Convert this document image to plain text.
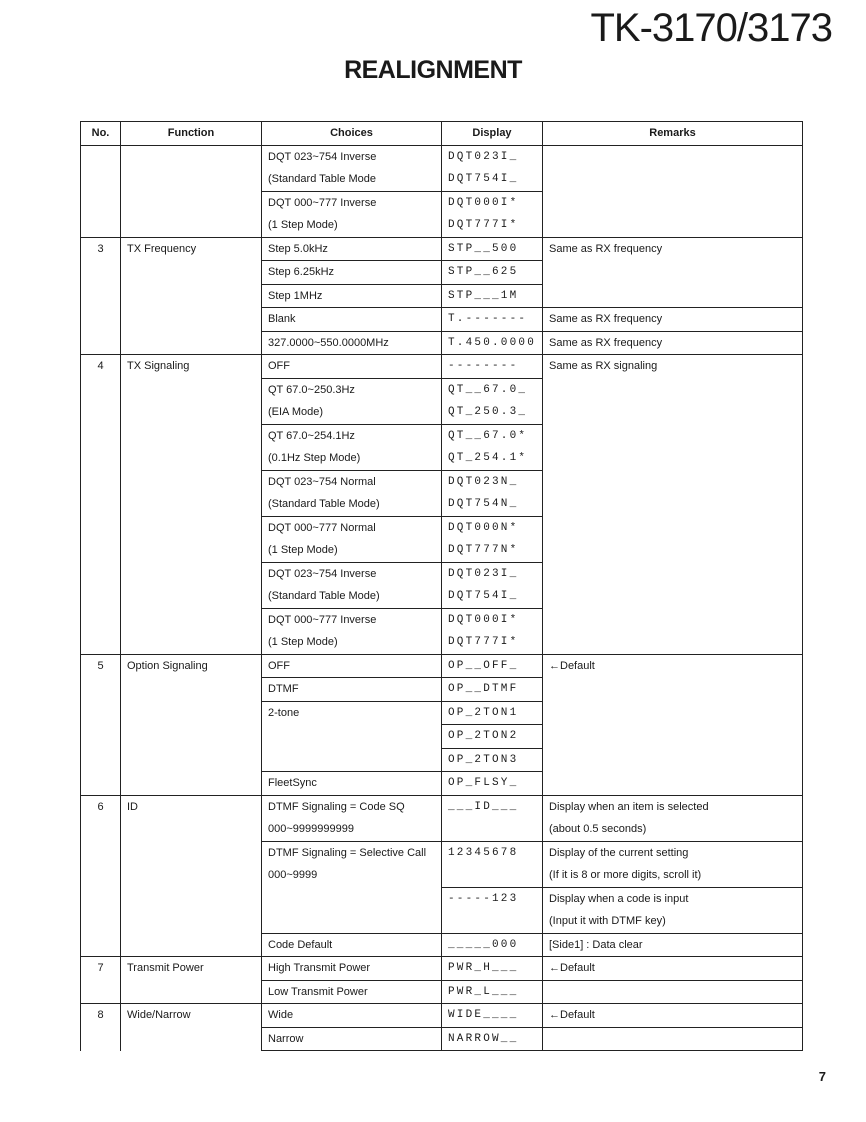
TK-3170/3173
REALIGNMENT
No.	Function	Choices	Display	Remarks
		DQT 023~754 Inverse	DQT023I_	
		(Standard Table Mode	DQT754I_	
		DQT 000~777 Inverse	DQT000I*	
		(1 Step Mode)	DQT777I*	
3	TX Frequency	Step 5.0kHz	STP__500	Same as RX frequency
		Step 6.25kHz	STP__625	
		Step 1MHz	STP___1M	
		Blank	T.-------	Same as RX frequency
		327.0000~550.0000MHz	T.450.0000	Same as RX frequency
4	TX Signaling	OFF	--------	Same as RX signaling
		QT 67.0~250.3Hz	QT__67.0_	
		(EIA Mode)	QT_250.3_	
		QT 67.0~254.1Hz	QT__67.0*	
		(0.1Hz Step Mode)	QT_254.1*	
		DQT 023~754 Normal	DQT023N_	
		(Standard Table Mode)	DQT754N_	
		DQT 000~777 Normal	DQT000N*	
		(1 Step Mode)	DQT777N*	
		DQT 023~754 Inverse	DQT023I_	
		(Standard Table Mode)	DQT754I_	
		DQT 000~777 Inverse	DQT000I*	
		(1 Step Mode)	DQT777I*	
5	Option Signaling	OFF	OP__OFF_	←Default
		DTMF	OP__DTMF	
		2-tone	OP_2TON1	
			OP_2TON2	
			OP_2TON3	
		FleetSync	OP_FLSY_	
6	ID	DTMF Signaling = Code SQ	___ID___	Display when an item is selected
		000~9999999999		(about 0.5 seconds)
		DTMF Signaling = Selective Call	12345678	Display of the current setting
		000~9999		(If it is 8 or more digits, scroll it)
			-----123	Display when a code is input
				(Input it with DTMF key)
		Code Default	_____000	[Side1] : Data clear
7	Transmit Power	High Transmit Power	PWR_H___	←Default
		Low Transmit Power	PWR_L___	
8	Wide/Narrow	Wide	WIDE____	←Default
		Narrow	NARROW__	
7
